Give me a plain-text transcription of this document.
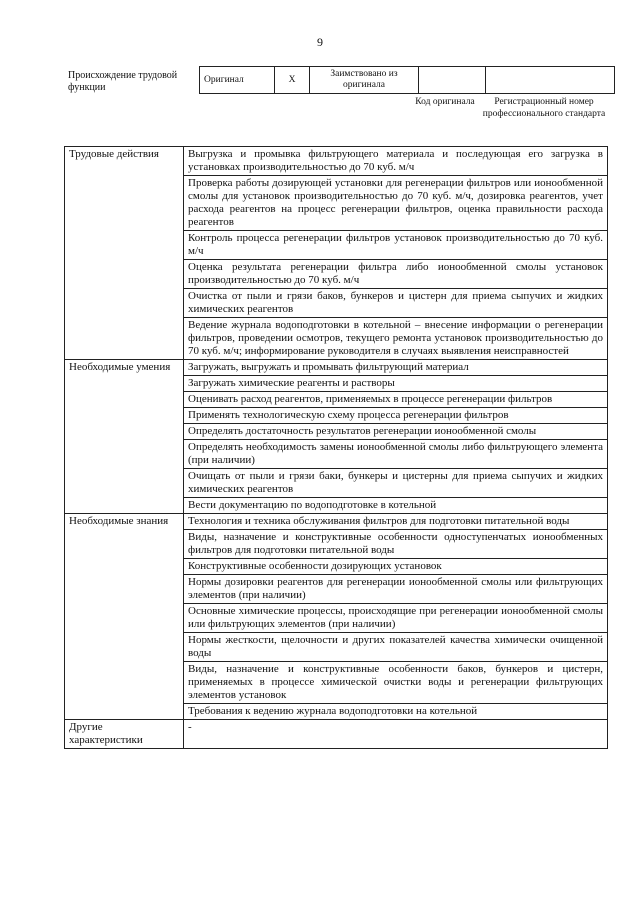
9
Происхождение трудовой функции
Оригинал	X	Заимствовано из оригинала		
Код оригинала	Регистрационный номер профессионального стандарта
Трудовые действия	Выгрузка и промывка фильтрующего материала и последующая его загрузка в установках производительностью до 70 куб. м/ч
	Проверка работы дозирующей установки для регенерации фильтров или ионообменной смолы для установок производительностью до 70 куб. м/ч, дозировка реагентов, учет расхода реагентов на процесс регенерации фильтров, оценка правильности расхода реагентов
	Контроль процесса регенерации фильтров установок производительностью до 70 куб. м/ч
	Оценка результата регенерации фильтра либо ионообменной смолы установок производительностью до 70 куб. м/ч
	Очистка от пыли и грязи баков, бункеров и цистерн для приема сыпучих и жидких химических реагентов
	Ведение журнала водоподготовки в котельной – внесение информации о регенерации фильтров, проведении осмотров, текущего ремонта установок производительностью до 70 куб. м/ч; информирование руководителя в случаях выявления неисправностей
Необходимые умения	Загружать, выгружать и промывать фильтрующий материал
	Загружать химические реагенты и растворы
	Оценивать расход реагентов, применяемых в процессе регенерации фильтров
	Применять технологическую схему процесса регенерации фильтров
	Определять достаточность результатов регенерации ионообменной смолы
	Определять необходимость замены ионообменной смолы либо фильтрующего элемента (при наличии)
	Очищать от пыли и грязи баки, бункеры и цистерны для приема сыпучих и жидких химических реагентов
	Вести документацию по водоподготовке в котельной
Необходимые знания	Технология и техника обслуживания фильтров для подготовки питательной воды
	Виды, назначение и конструктивные особенности одноступенчатых ионообменных фильтров для подготовки питательной воды
	Конструктивные особенности дозирующих установок
	Нормы дозировки реагентов для регенерации ионообменной смолы или фильтрующих элементов (при наличии)
	Основные химические процессы, происходящие при регенерации ионообменной смолы или фильтрующих элементов (при наличии)
	Нормы жесткости, щелочности и других показателей качества химически очищенной воды
	Виды, назначение и конструктивные особенности баков, бункеров и цистерн, применяемых в процессе химической очистки воды и регенерации фильтрующих элементов установок
	Требования к ведению журнала водоподготовки на котельной
Другие характеристики	-
